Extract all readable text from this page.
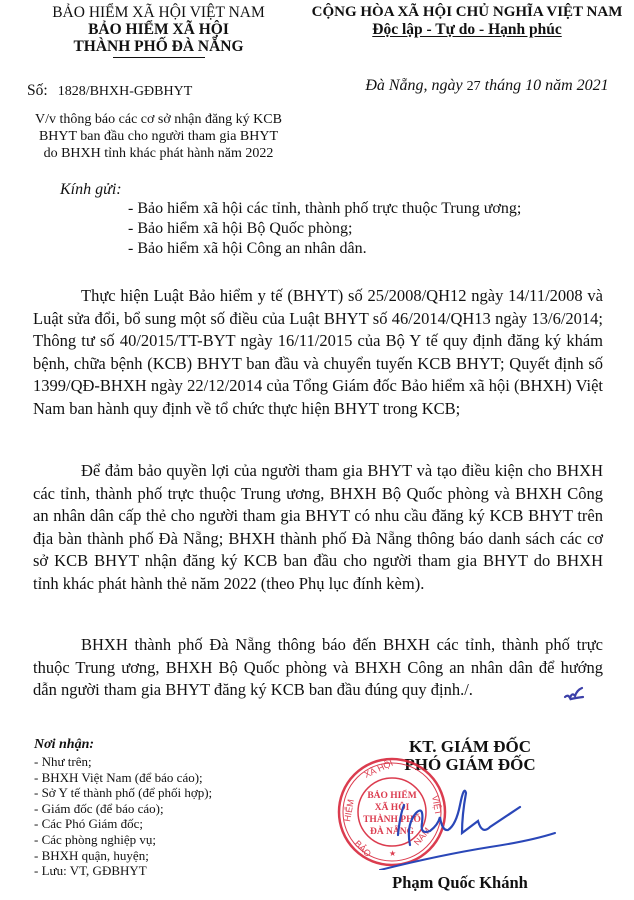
BẢO HIỂM XÃ HỘI VIỆT NAM
BẢO HIỂM XÃ HỘI
THÀNH PHỐ ĐÀ NẴNG
Số: 1828/BHXH-GĐBHYT
V/v thông báo các cơ sở nhận đăng ký KCB
BHYT ban đầu cho người tham gia BHYT
do BHXH tỉnh khác phát hành năm 2022
CỘNG HÒA XÃ HỘI CHỦ NGHĨA VIỆT NAM
Độc lập - Tự do - Hạnh phúc
Đà Nẵng, ngày 27 tháng 10 năm 2021
Kính gửi:
- Bảo hiểm xã hội các tỉnh, thành phố trực thuộc Trung ương;
- Bảo hiểm xã hội Bộ Quốc phòng;
- Bảo hiểm xã hội Công an nhân dân.
Thực hiện Luật Bảo hiểm y tế (BHYT) số 25/2008/QH12 ngày 14/11/2008 và Luật sửa đổi, bổ sung một số điều của Luật BHYT số 46/2014/QH13 ngày 13/6/2014; Thông tư số 40/2015/TT-BYT ngày 16/11/2015 của Bộ Y tế quy định đăng ký khám bệnh, chữa bệnh (KCB) BHYT ban đầu và chuyển tuyến KCB BHYT; Quyết định số 1399/QĐ-BHXH ngày 22/12/2014 của Tổng Giám đốc Bảo hiểm xã hội (BHXH) Việt Nam ban hành quy định về tổ chức thực hiện BHYT trong KCB;
Để đảm bảo quyền lợi của người tham gia BHYT và tạo điều kiện cho BHXH các tỉnh, thành phố trực thuộc Trung ương, BHXH Bộ Quốc phòng và BHXH Công an nhân dân cấp thẻ cho người tham gia BHYT có nhu cầu đăng ký KCB BHYT trên địa bàn thành phố Đà Nẵng; BHXH thành phố Đà Nẵng thông báo danh sách các cơ sở KCB BHYT nhận đăng ký KCB ban đầu cho người tham gia BHYT do BHXH tỉnh khác phát hành thẻ năm 2022 (theo Phụ lục đính kèm).
BHXH thành phố Đà Nẵng thông báo đến BHXH các tỉnh, thành phố trực thuộc Trung ương, BHXH Bộ Quốc phòng và BHXH Công an nhân dân để hướng dẫn người tham gia BHYT đăng ký KCB ban đầu đúng quy định./.
Nơi nhận:
- Như trên;
- BHXH Việt Nam (để báo cáo);
- Sở Y tế thành phố (để phối hợp);
- Giám đốc (để báo cáo);
- Các Phó Giám đốc;
- Các phòng nghiệp vụ;
- BHXH quận, huyện;
- Lưu: VT, GĐBHYT
KT. GIÁM ĐỐC
PHÓ GIÁM ĐỐC
XÃ HỘI
HIỂM	VIỆT
BẢO
NAM
BẢO HIỂM
XÃ HỘI
THÀNH PHỐ
ĐÀ NẴNG
★
Phạm Quốc Khánh
